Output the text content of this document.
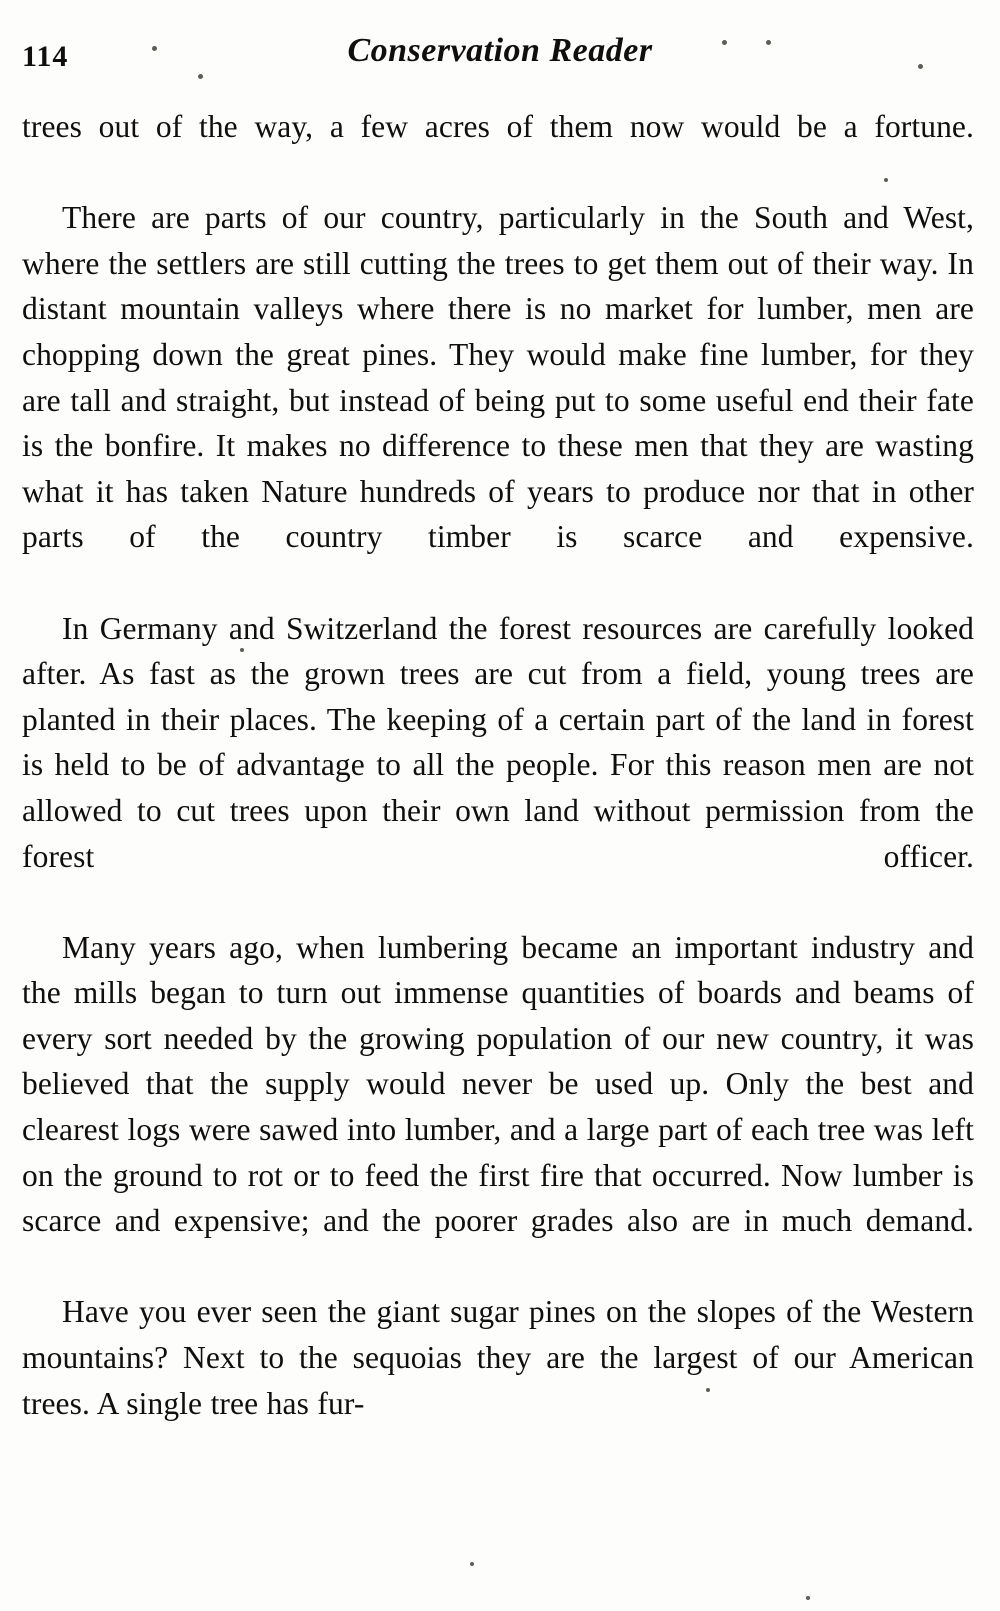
114	Conservation Reader

trees out of the way, a few acres of them now would be a fortune.

There are parts of our country, particularly in the South and West, where the settlers are still cutting the trees to get them out of their way. In distant mountain valleys where there is no market for lumber, men are chopping down the great pines. They would make fine lumber, for they are tall and straight, but instead of being put to some useful end their fate is the bonfire. It makes no difference to these men that they are wasting what it has taken Nature hundreds of years to produce nor that in other parts of the country timber is scarce and expensive.

In Germany and Switzerland the forest resources are carefully looked after. As fast as the grown trees are cut from a field, young trees are planted in their places. The keeping of a certain part of the land in forest is held to be of advantage to all the people. For this reason men are not allowed to cut trees upon their own land without permission from the forest officer.

Many years ago, when lumbering became an important industry and the mills began to turn out immense quantities of boards and beams of every sort needed by the growing population of our new country, it was believed that the supply would never be used up. Only the best and clearest logs were sawed into lumber, and a large part of each tree was left on the ground to rot or to feed the first fire that occurred. Now lumber is scarce and expensive; and the poorer grades also are in much demand.

Have you ever seen the giant sugar pines on the slopes of the Western mountains? Next to the sequoias they are the largest of our American trees. A single tree has fur-
